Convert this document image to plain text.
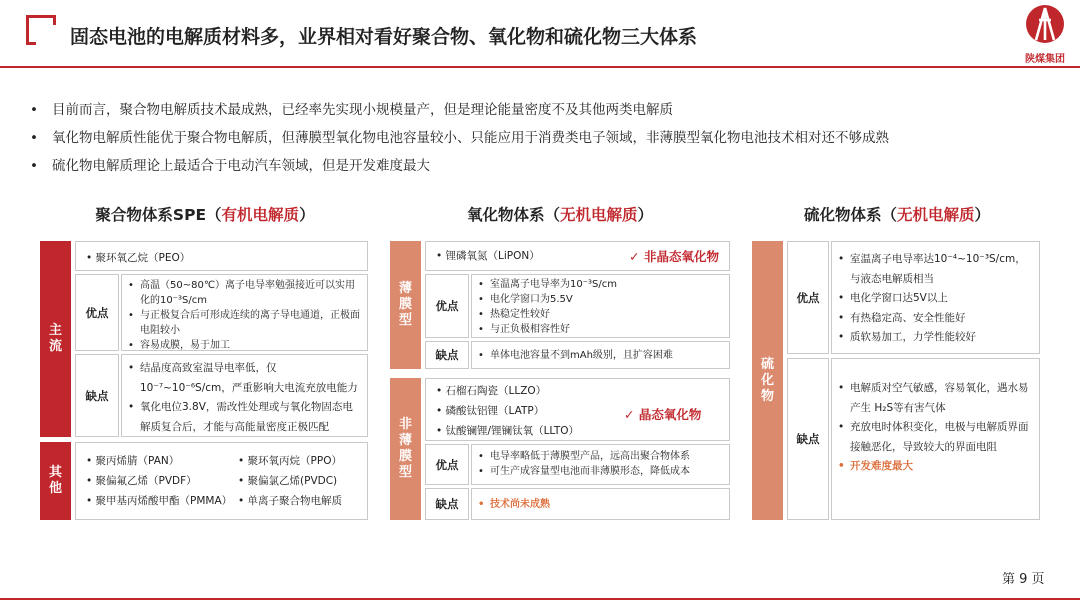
固态电池的电解质材料多，业界相对看好聚合物、氧化物和硫化物三大体系
陕煤集团
• 目前而言，聚合物电解质技术最成熟，已经率先实现小规模量产，但是理论能量密度不及其他两类电解质
• 氧化物电解质性能优于聚合物电解质，但薄膜型氧化物电池容量较小、只能应用于消费类电子领域，非薄膜型氧化物电池技术相对还不够成熟
• 硫化物电解质理论上最适合于电动汽车领域，但是开发难度最大
聚合物体系SPE（有机电解质）	氧化物体系（无机电解质）	硫化物体系（无机电解质）
主流
• 聚环氧乙烷（PEO）
优点
• 高温（50~80℃）离子电导率勉强接近可以实用化的10⁻³S/cm
• 与正极复合后可形成连续的离子导电通道，正极面电阻较小
• 容易成膜，易于加工
缺点
• 结晶度高致室温导电率低，仅10⁻⁷~10⁻⁶S/cm，严重影响大电流充放电能力
• 氧化电位3.8V，需改性处理或与氧化物固态电解质复合后，才能与高能量密度正极匹配
其他
• 聚丙烯腈（PAN）	• 聚环氧丙烷（PPO）
• 聚偏氟乙烯（PVDF）	• 聚偏氯乙烯(PVDC)
• 聚甲基丙烯酸甲酯（PMMA） • 单离子聚合物电解质
薄膜型
• 锂磷氧氮（LiPON）	✓ 非晶态氧化物
优点
• 室温离子电导率为10⁻³S/cm
• 电化学窗口为5.5V
• 热稳定性较好
• 与正负极相容性好
缺点	• 单体电池容量不到mAh级别，且扩容困难
非薄膜型
• 石榴石陶瓷（LLZO）
• 磷酸钛铝锂（LATP）
• 钛酸镧锂/锂镧钛氧（LLTO）
✓ 晶态氧化物
优点
• 电导率略低于薄膜型产品，远高出聚合物体系
• 可生产成容量型电池而非薄膜形态，降低成本
缺点	• 技术尚未成熟
硫化物
优点
• 室温离子电导率达10⁻⁴~10⁻³S/cm，与液态电解质相当
• 电化学窗口达5V以上
• 有热稳定高、安全性能好
• 质软易加工，力学性能较好
缺点
• 电解质对空气敏感，容易氧化，遇水易产生 H₂S等有害气体
• 充放电时体积变化，电极与电解质界面接触恶化，导致较大的界面电阻
• 开发难度最大
第 9 页
